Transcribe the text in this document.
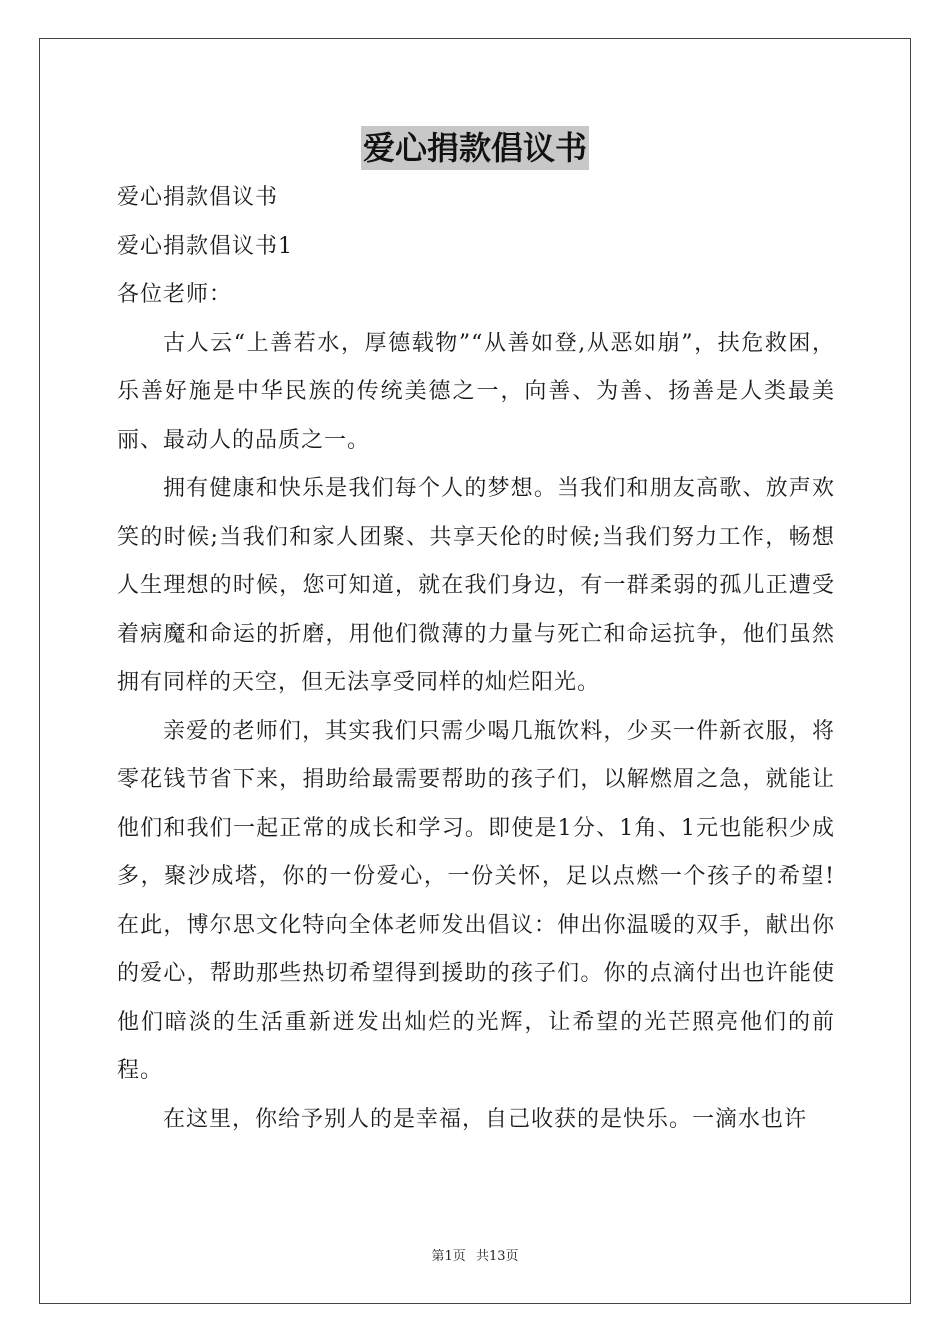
爱心捐款倡议书

爱心捐款倡议书

爱心捐款倡议书1

各位老师：

古人云“上善若水，厚德载物”“从善如登,从恶如崩”，扶危救困，乐善好施是中华民族的传统美德之一，向善、为善、扬善是人类最美丽、最动人的品质之一。

拥有健康和快乐是我们每个人的梦想。当我们和朋友高歌、放声欢笑的时候;当我们和家人团聚、共享天伦的时候;当我们努力工作，畅想人生理想的时候，您可知道，就在我们身边，有一群柔弱的孤儿正遭受着病魔和命运的折磨，用他们微薄的力量与死亡和命运抗争，他们虽然拥有同样的天空，但无法享受同样的灿烂阳光。

亲爱的老师们，其实我们只需少喝几瓶饮料，少买一件新衣服，将零花钱节省下来，捐助给最需要帮助的孩子们，以解燃眉之急，就能让他们和我们一起正常的成长和学习。即使是1分、1角、1元也能积少成多，聚沙成塔，你的一份爱心，一份关怀，足以点燃一个孩子的希望!在此，博尔思文化特向全体老师发出倡议：伸出你温暖的双手，献出你的爱心，帮助那些热切希望得到援助的孩子们。你的点滴付出也许能使他们暗淡的生活重新迸发出灿烂的光辉，让希望的光芒照亮他们的前程。

在这里，你给予别人的是幸福，自己收获的是快乐。一滴水也许

第1页 共13页
